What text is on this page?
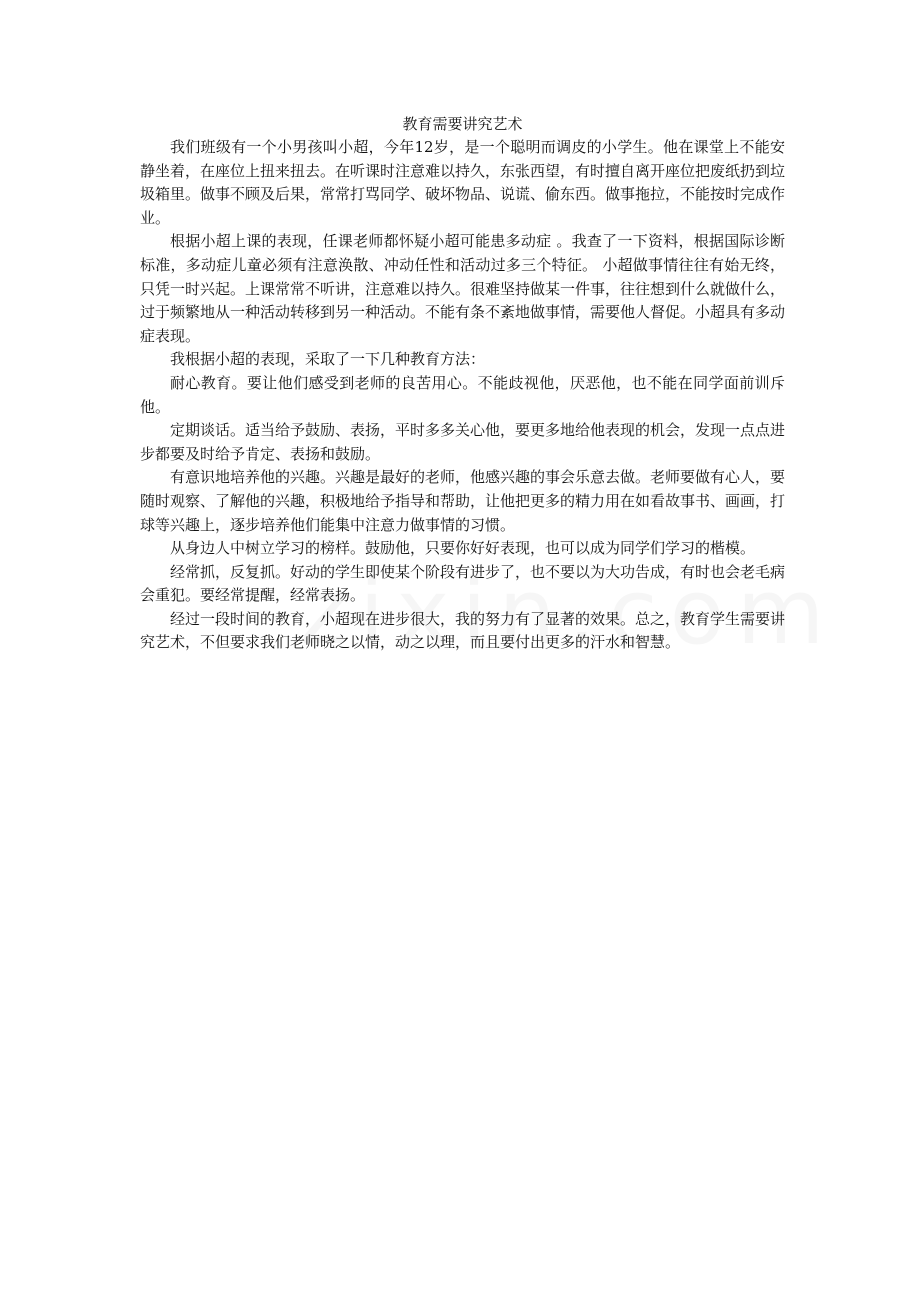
教育需要讲究艺术

我们班级有一个小男孩叫小超，今年12岁，是一个聪明而调皮的小学生。他在课堂上不能安静坐着，在座位上扭来扭去。在听课时注意难以持久，东张西望，有时擅自离开座位把废纸扔到垃圾箱里。做事不顾及后果，常常打骂同学、破坏物品、说谎、偷东西。做事拖拉，不能按时完成作业。

根据小超上课的表现，任课老师都怀疑小超可能患多动症 。我查了一下资料，根据国际诊断标准，多动症儿童必须有注意涣散、冲动任性和活动过多三个特征。 小超做事情往往有始无终，只凭一时兴起。上课常常不听讲，注意难以持久。很难坚持做某一件事，往往想到什么就做什么，过于频繁地从一种活动转移到另一种活动。不能有条不紊地做事情，需要他人督促。小超具有多动症表现。

我根据小超的表现，采取了一下几种教育方法：

耐心教育。要让他们感受到老师的良苦用心。不能歧视他，厌恶他，也不能在同学面前训斥他。

定期谈话。适当给予鼓励、表扬，平时多多关心他，要更多地给他表现的机会，发现一点点进步都要及时给予肯定、表扬和鼓励。

有意识地培养他的兴趣。兴趣是最好的老师，他感兴趣的事会乐意去做。老师要做有心人，要随时观察、了解他的兴趣，积极地给予指导和帮助，让他把更多的精力用在如看故事书、画画，打球等兴趣上，逐步培养他们能集中注意力做事情的习惯。

从身边人中树立学习的榜样。鼓励他，只要你好好表现，也可以成为同学们学习的楷模。

经常抓，反复抓。好动的学生即使某个阶段有进步了，也不要以为大功告成，有时也会老毛病会重犯。要经常提醒，经常表扬。

经过一段时间的教育，小超现在进步很大，我的努力有了显著的效果。总之，教育学生需要讲究艺术，不但要求我们老师晓之以情，动之以理，而且要付出更多的汗水和智慧。
